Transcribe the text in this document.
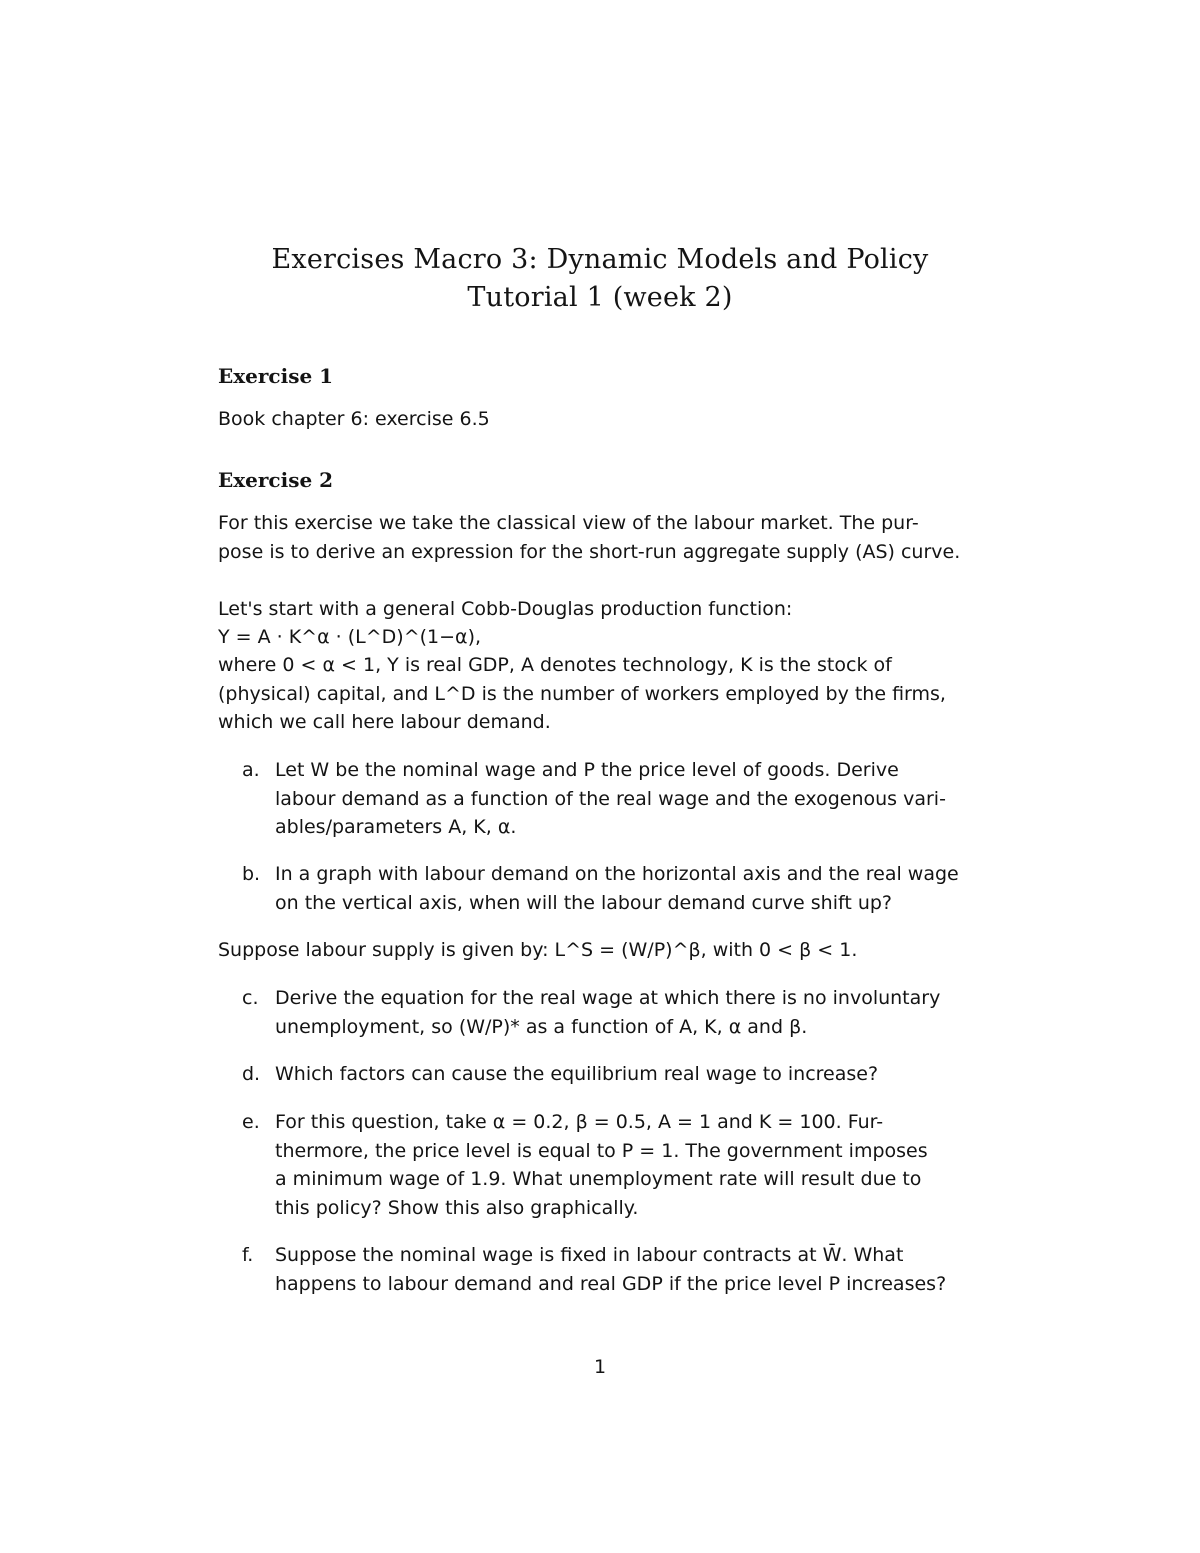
Exercises Macro 3: Dynamic Models and Policy
Tutorial 1 (week 2)
Exercise 1
Book chapter 6: exercise 6.5
Exercise 2
For this exercise we take the classical view of the labour market. The pur-
pose is to derive an expression for the short-run aggregate supply (AS) curve.
Let's start with a general Cobb-Douglas production function:
Y = A · K^α · (L^D)^(1−α),
where 0 < α < 1, Y is real GDP, A denotes technology, K is the stock of
(physical) capital, and L^D is the number of workers employed by the firms,
which we call here labour demand.
a. Let W be the nominal wage and P the price level of goods. Derive
labour demand as a function of the real wage and the exogenous vari-
ables/parameters A, K, α.
b. In a graph with labour demand on the horizontal axis and the real wage
on the vertical axis, when will the labour demand curve shift up?
Suppose labour supply is given by: L^S = (W/P)^β, with 0 < β < 1.
c. Derive the equation for the real wage at which there is no involuntary
unemployment, so (W/P)* as a function of A, K, α and β.
d. Which factors can cause the equilibrium real wage to increase?
e. For this question, take α = 0.2, β = 0.5, A = 1 and K = 100. Fur-
thermore, the price level is equal to P = 1. The government imposes
a minimum wage of 1.9. What unemployment rate will result due to
this policy? Show this also graphically.
f.	Suppose the nominal wage is fixed in labour contracts at W̄. What
happens to labour demand and real GDP if the price level P increases?
1
